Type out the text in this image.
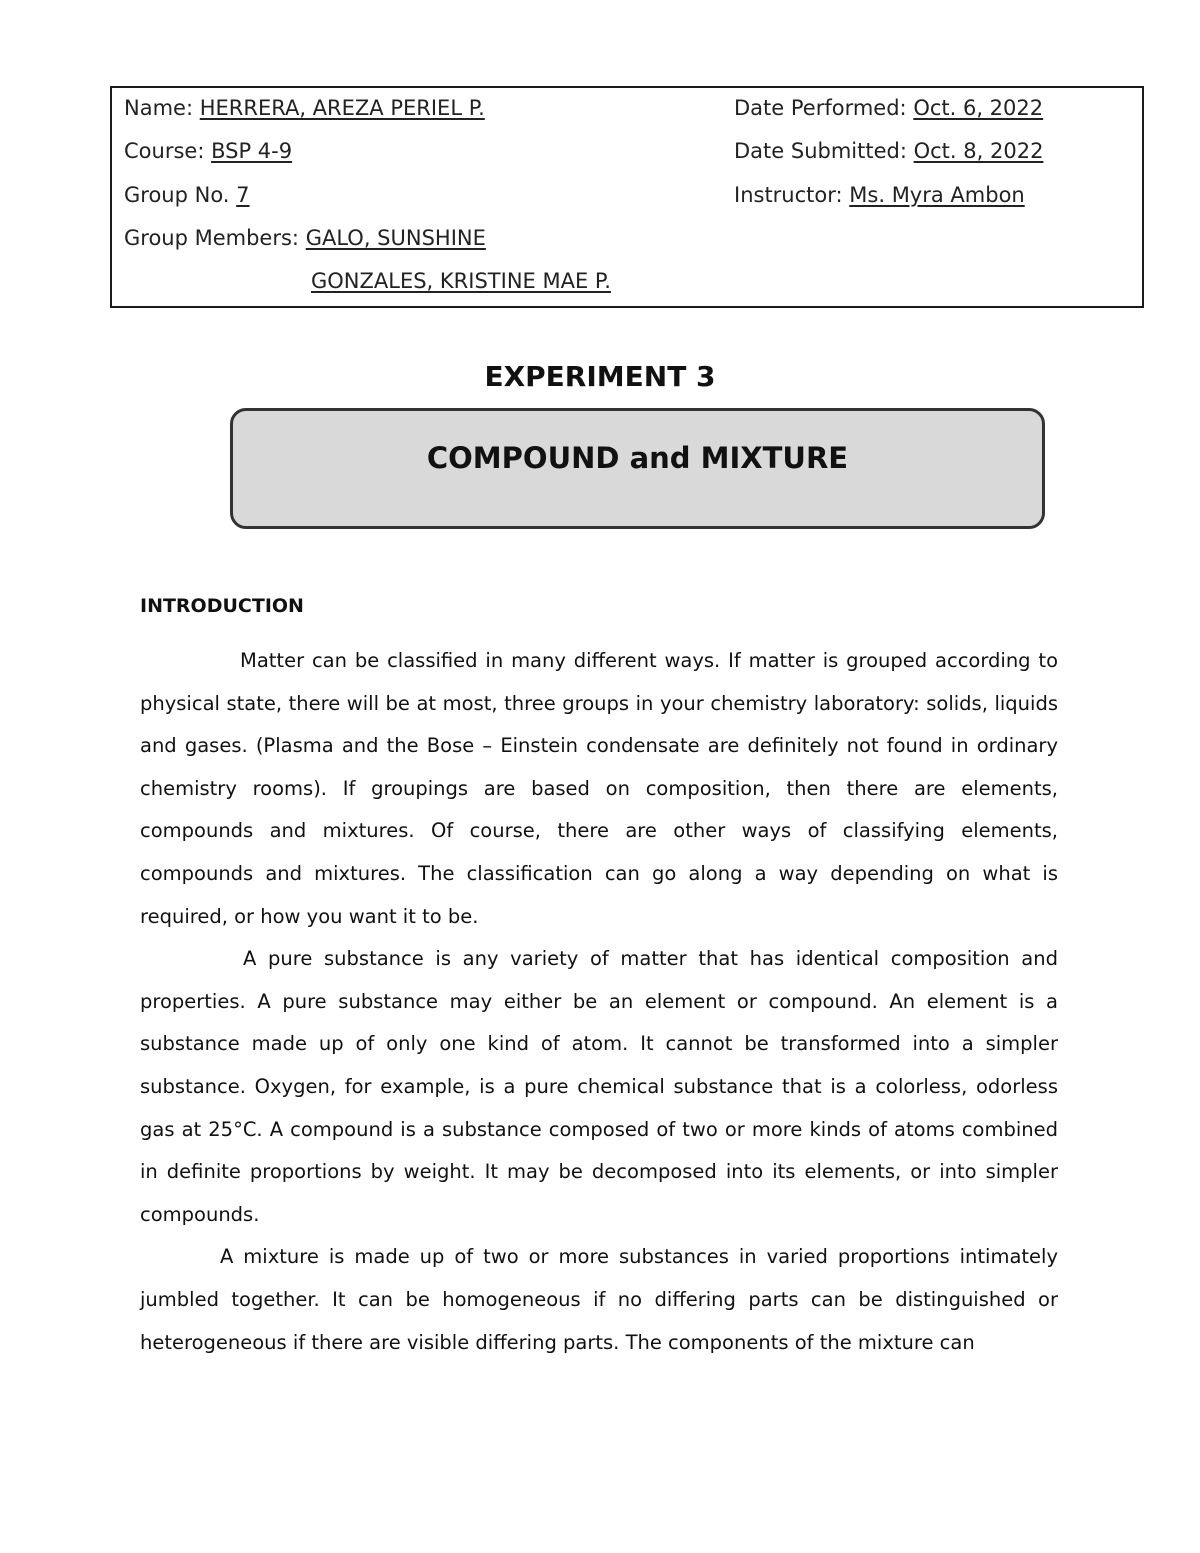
Name: HERRERA, AREZA PERIEL P.
Course: BSP 4-9
Group No. 7
Group Members: GALO, SUNSHINE
GONZALES, KRISTINE MAE P.
Date Performed: Oct. 6, 2022
Date Submitted: Oct. 8, 2022
Instructor: Ms. Myra Ambon
EXPERIMENT 3
COMPOUND and MIXTURE
INTRODUCTION

Matter can be classified in many different ways. If matter is grouped according to physical state, there will be at most, three groups in your chemistry laboratory: solids, liquids and gases. (Plasma and the Bose – Einstein condensate are definitely not found in ordinary chemistry rooms). If groupings are based on composition, then there are elements, compounds and mixtures. Of course, there are other ways of classifying elements, compounds and mixtures. The classification can go along a way depending on what is required, or how you want it to be.

A pure substance is any variety of matter that has identical composition and properties. A pure substance may either be an element or compound. An element is a substance made up of only one kind of atom. It cannot be transformed into a simpler substance. Oxygen, for example, is a pure chemical substance that is a colorless, odorless gas at 25°C. A compound is a substance composed of two or more kinds of atoms combined in definite proportions by weight. It may be decomposed into its elements, or into simpler compounds.

A mixture is made up of two or more substances in varied proportions intimately jumbled together. It can be homogeneous if no differing parts can be distinguished or heterogeneous if there are visible differing parts. The components of the mixture can
